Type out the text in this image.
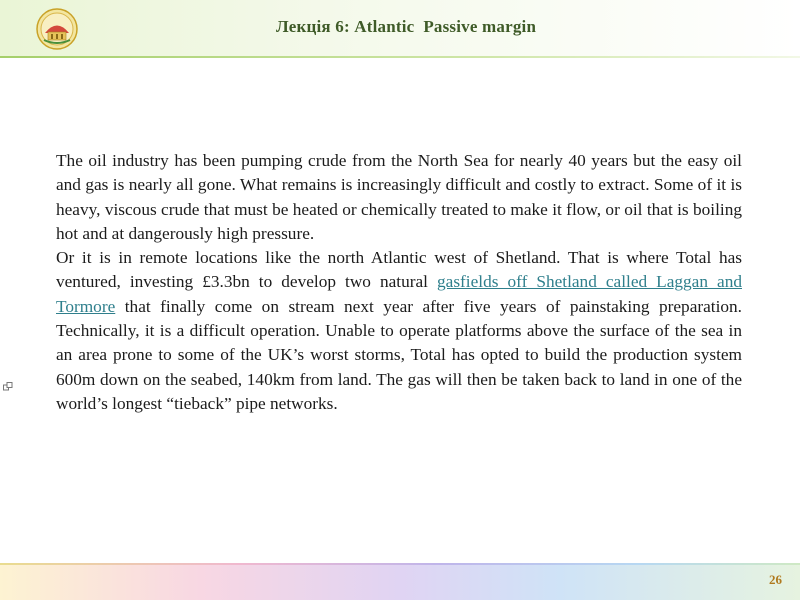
Лекція 6: Atlantic  Passive margin

The oil industry has been pumping crude from the North Sea for nearly 40 years but the easy oil and gas is nearly all gone. What remains is increasingly difficult and costly to extract. Some of it is heavy, viscous crude that must be heated or chemically treated to make it flow, or oil that is boiling hot and at dangerously high pressure.

Or it is in remote locations like the north Atlantic west of Shetland. That is where Total has ventured, investing £3.3bn to develop two natural gasfields off Shetland called Laggan and Tormore that finally come on stream next year after five years of painstaking preparation. Technically, it is a difficult operation. Unable to operate platforms above the surface of the sea in an area prone to some of the UK’s worst storms, Total has opted to build the production system 600m down on the seabed, 140km from land. The gas will then be taken back to land in one of the world’s longest “tieback” pipe networks.

26
